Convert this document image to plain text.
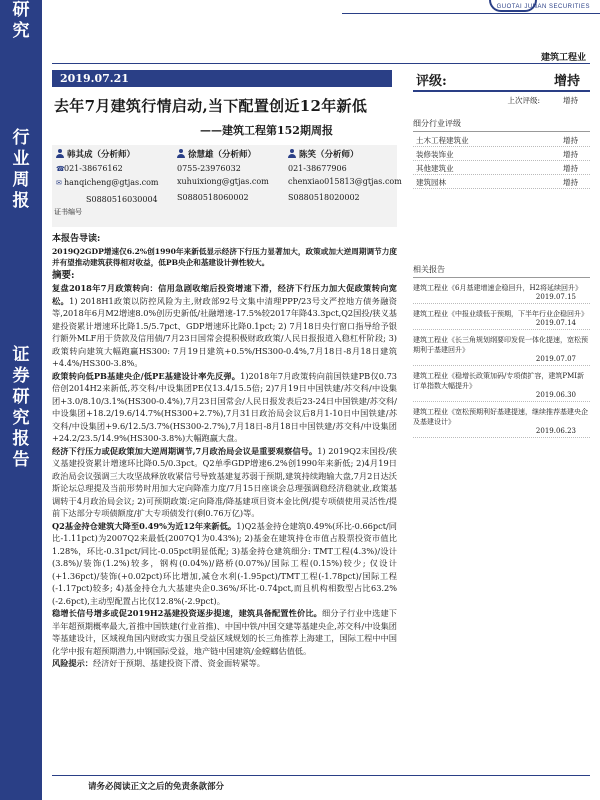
研
究
行
业
周
报
证
券
研
究
报
告
GUOTAI JUNAN SECURITIES
建筑工程业
2019.07.21
去年7月建筑行情启动,当下配置创近12年新低
——建筑工程第152期周报
韩其成（分析师）
☎021-38676162
✉ hanqicheng@gtjas.com
S0880516030004
徐慧雄（分析师）
0755-23976032
xuhuixiong@gtjas.com
S0880518060002
陈笑（分析师）
021-38677906
chenxiao015813@gtjas.com
S0880518020002
证书编号
评级:	增持
上次评级:	增持
细分行业评级
土木工程建筑业	增持
装修装饰业	增持
其他建筑业	增持
建筑园林	增持

本报告导读:

2019Q2GDP增速仅6.2%创1990年来新低显示经济下行压力显著加大，政策或加大逆周期调节力度并有望推动建筑获得相对收益，低PB央企和基建设计弹性较大。

摘要:

复盘2018年7月政策转向：信用急剧收缩后投资增速下滑，经济下行压力加大促政策转向宽松。1) 2018H1政策以防控风险为主,财政部92号文集中清理PPP/23号文严控地方债务融资等,2018年6月M2增速8.0%创历史新低/社融增速-17.5%较2017年降43.3pct,Q2国投/狭义基建投资累计增速环比降1.5/5.7pct、GDP增速环比降0.1pct; 2) 7月18日央行窗口指导给予银行额外MLF用于贷款及信用债/7月23日国常会提积极财政政策/人民日报报道入稳杠杆阶段; 3)政策转向建筑大幅跑赢HS300: 7月19日建筑+0.5%/HS300-0.4%,7月18日-8月18日建筑+4.4%/HS300-3.8%。

政策转向低PB基建央企/低PE基建设计率先反弹。1)2018年7月政策转向前国铁建PB仅0.73倍创2014H2来新低,苏交科/中设集团PE仅13.4/15.5倍; 2)7月19日中国铁建/苏交科/中设集团+3.0/8.10/3.1%(HS300-0.4%),7月23日国常会/人民日报发表后23-24日中国铁建/苏交科/中设集团+18.2/19.6/14.7%(HS300+2.7%),7月31日政治局会议后8月1-10日中国铁建/苏交科/中设集团+9.6/12.5/3.7%(HS300-2.7%),7月18日-8月18日中国铁建/苏交科/中设集团+24.2/23.5/14.9%(HS300-3.8%)大幅跑赢大盘。

经济下行压力或促政策加大逆周期调节,7月政治局会议是重要观察信号。1) 2019Q2末国投/狭义基建投资累计增速环比降0.5/0.3pct。Q2单季GDP增速6.2%创1990年来新低; 2)4月19日政治局会议强调三大攻坚战释放收紧信号导致基建复苏弱于预期,建筑持续跑输大盘,7月2日达沃斯论坛总理提及当前形势时用加大定向降准力度/7月15日座谈会总理强调稳经济稳就业,政策基调转于4月政治局会议; 2)可预期政策:定向降准/降基建项目资本金比例/提专项债使用灵活性/提前下达部分专项债额度/扩大专项债发行(剩0.76万亿)等。

Q2基金持仓建筑大降至0.49%为近12年来新低。1)Q2基金持仓建筑0.49%(环比-0.66pct/同比-1.11pct)为2007Q2来最低(2007Q1为0.43%); 2)基金在建筑持仓市值占股票投资市值比1.28%，环比-0.31pct/同比-0.05pct明显低配; 3)基金持仓建筑细分: TMT工程(4.3%)/设计(3.8%)/装饰(1.2%)较多，钢构(0.04%)/路桥(0.07%)/国际工程(0.15%)较少; 仅设计(+1.36pct)/装饰(+0.02pct)环比增加,减仓水利(-1.95pct)/TMT工程(-1.78pct)/国际工程(-1.17pct)较多; 4)基金持仓九大基建央企0.36%/环比-0.74pct,而且机构相数型占比63.2%(-2.6pct),主动型配置占比仅12.8%(-2.9pct)。

稳增长信号增多或促2019H2基建投资逐步提速，建筑具备配置性价比。细分子行业中选建下半年超预期概率最大,首推中国铁建(行业首推)、中国中铁/中国交建等基建央企,苏交科/中设集团等基建设计，区域视角国内财政实力强且受益区域规划的长三角推荐上海建工，国际工程中中国化学中报有超预期潜力,中钢国际受益，地产链中国建筑/金螳螂估值低。

风险提示：经济好于预期、基建投资下滑、资金面转紧等。

相关报告
建筑工程业《6月基建增速企稳回升，H2将延续回升》
2019.07.15
建筑工程业《中报业绩低于预期，下半年行业企稳回升》
2019.07.14
建筑工程业《长三角规划纲要印发促一体化提速，宽松预期利于基建回升》
2019.07.07
建筑工程业《稳增长政策加码/专项债扩容，建筑PMI新订单指数大幅提升》
2019.06.30
建筑工程业《宽松预期利好基建提速，继续推荐基建央企及基建设计》
2019.06.23
请务必阅读正文之后的免责条款部分
